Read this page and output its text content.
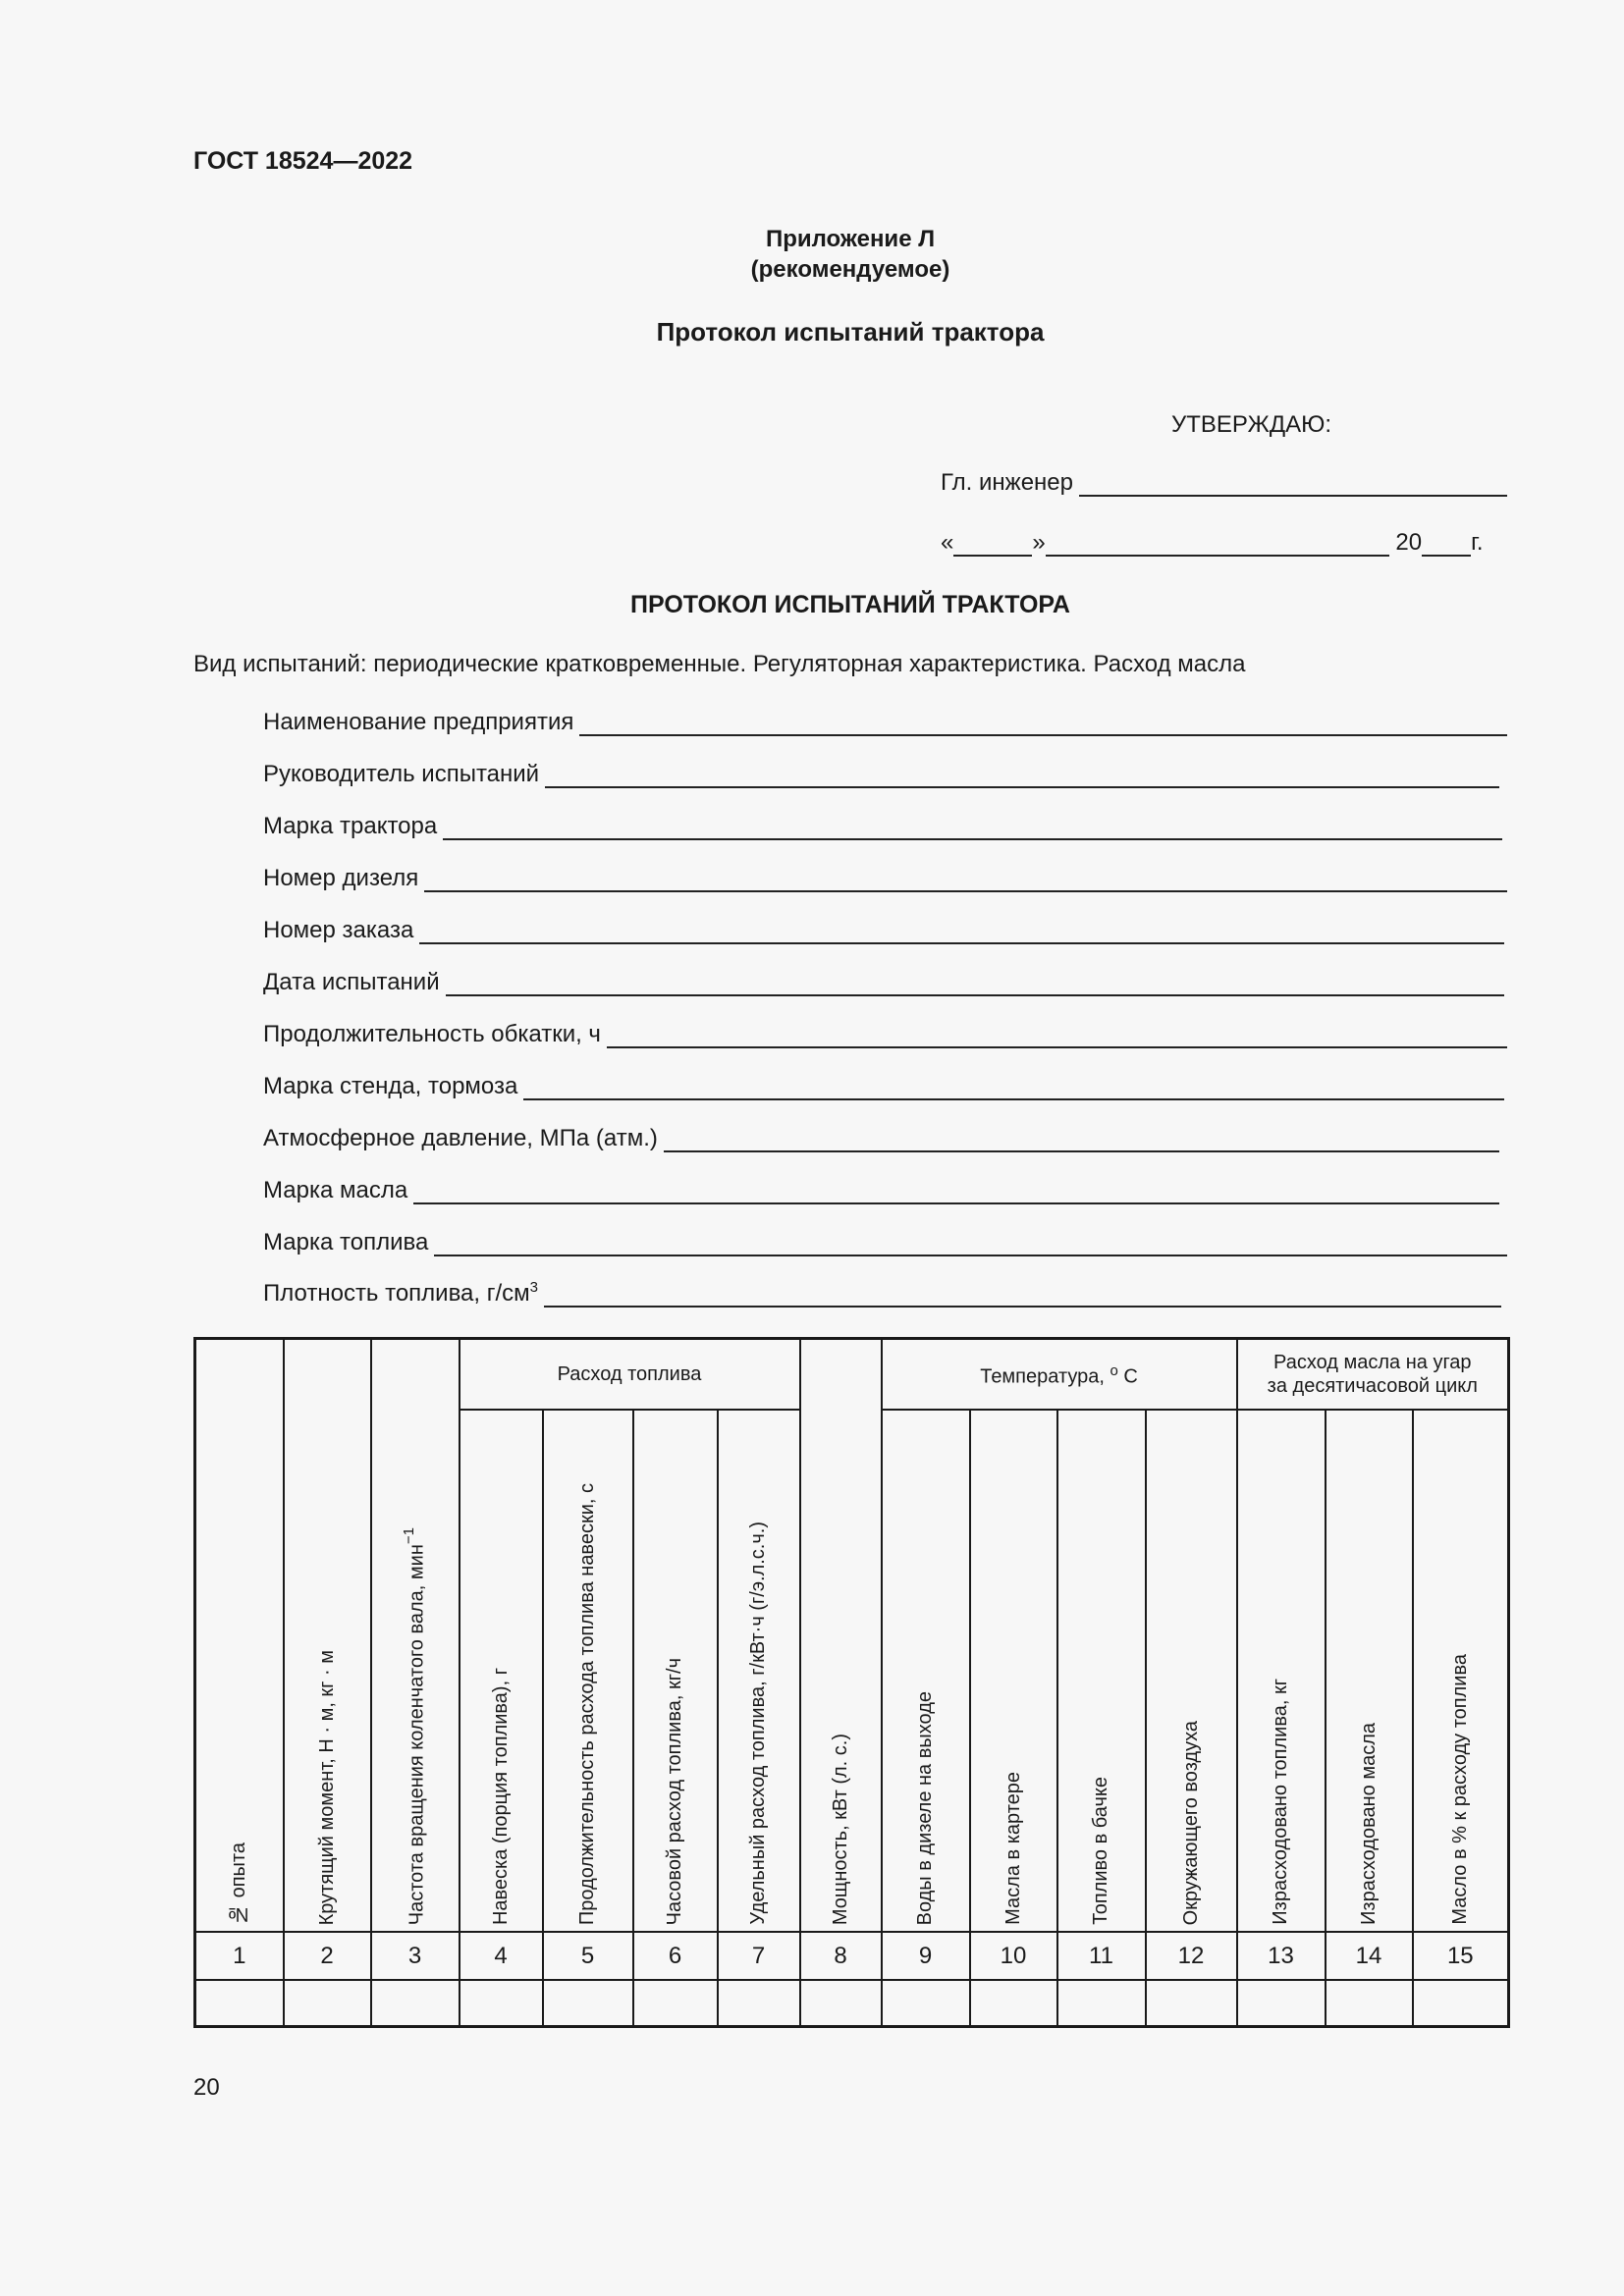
ГОСТ 18524—2022
Приложение Л
(рекомендуемое)
Протокол испытаний трактора
УТВЕРЖДАЮ:
Гл. инженер
«	»	20 г.
ПРОТОКОЛ ИСПЫТАНИЙ ТРАКТОРА
Вид испытаний: периодические кратковременные. Регуляторная характеристика. Расход масла
Наименование предприятия
Руководитель испытаний
Марка трактора
Номер дизеля
Номер заказа
Дата испытаний
Продолжительность обкатки, ч
Марка стенда, тормоза
Атмосферное давление, МПа (атм.)
Марка масла
Марка топлива
Плотность топлива, $г/см^3$
№ опыта	Крутящий момент, Н · м, кг · м	Частота вращения коленчатого вала, мин$^{-1}$	Расход топлива				Мощность, кВт (л. с.)	Температура, $^о$ С				Расход масла на угар
за десятичасовой цикл		

			Навеска (порция топлива), г	Продолжительность расхода топлива навески, с	Часовой расход топлива, кг/ч	Удельный расход топлива, г/кВт·ч (г/э.л.с.ч.)		Воды в дизеле на выходе	Масла в картере	Топливо в бачке	Окружающего воздуха	Израсходовано топлива, кг	Израсходовано масла	Масло в % к расходу топлива
1	2	3	4	5	6	7	8	9	10	11	12	13	14	15

20
